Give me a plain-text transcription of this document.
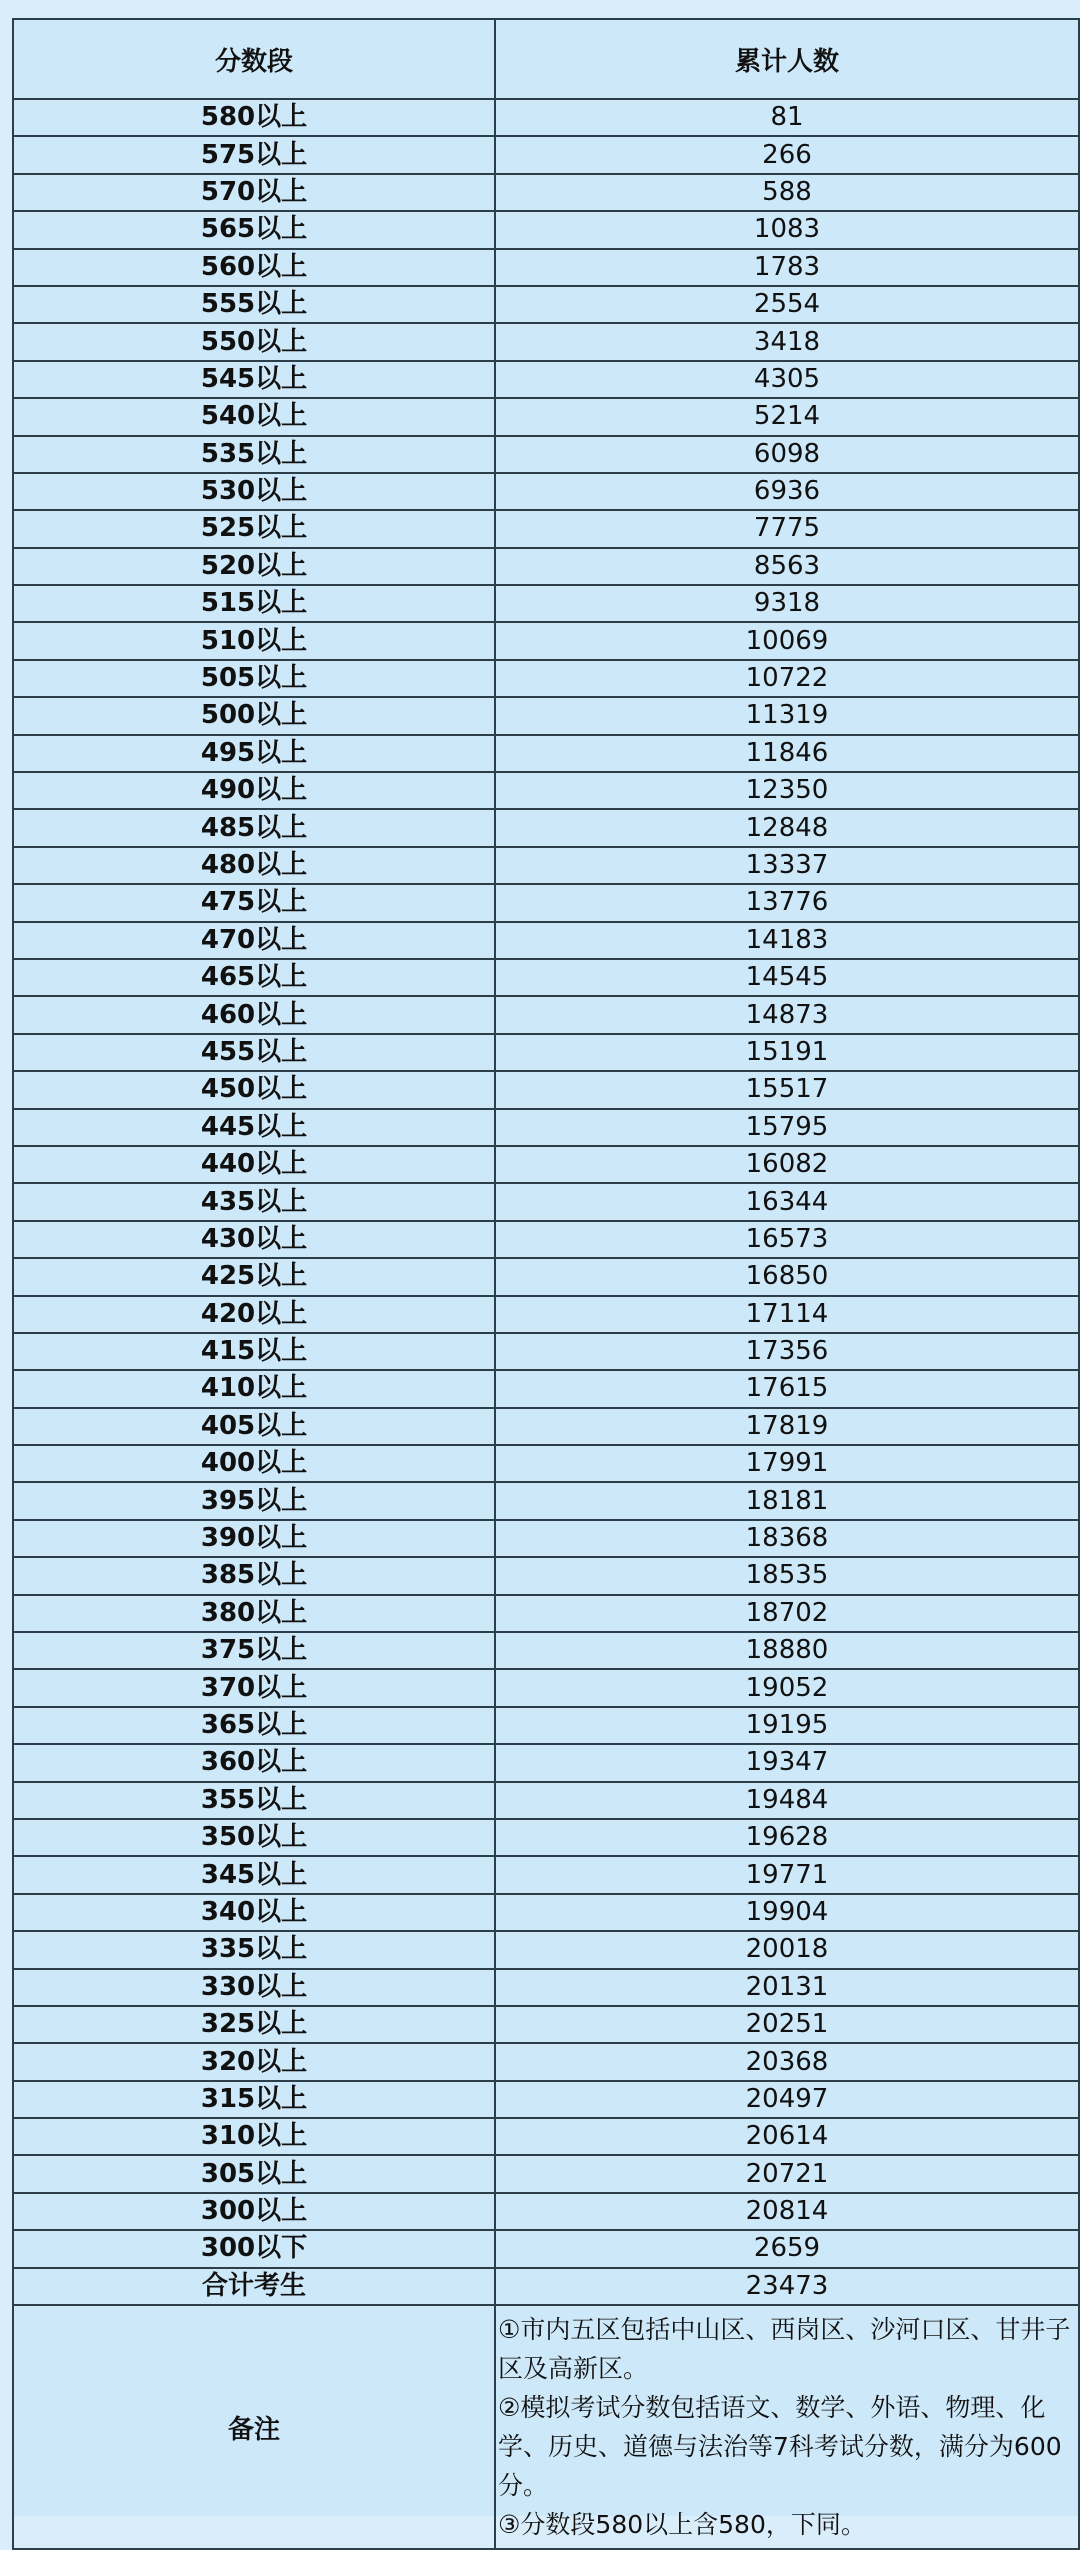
分数段	累计人数
580以上	81
575以上	266
570以上	588
565以上	1083
560以上	1783
555以上	2554
550以上	3418
545以上	4305
540以上	5214
535以上	6098
530以上	6936
525以上	7775
520以上	8563
515以上	9318
510以上	10069
505以上	10722
500以上	11319
495以上	11846
490以上	12350
485以上	12848
480以上	13337
475以上	13776
470以上	14183
465以上	14545
460以上	14873
455以上	15191
450以上	15517
445以上	15795
440以上	16082
435以上	16344
430以上	16573
425以上	16850
420以上	17114
415以上	17356
410以上	17615
405以上	17819
400以上	17991
395以上	18181
390以上	18368
385以上	18535
380以上	18702
375以上	18880
370以上	19052
365以上	19195
360以上	19347
355以上	19484
350以上	19628
345以上	19771
340以上	19904
335以上	20018
330以上	20131
325以上	20251
320以上	20368
315以上	20497
310以上	20614
305以上	20721
300以上	20814
300以下	2659
合计考生	23473
备注	①市内五区包括中山区、西岗区、沙河口区、甘井子区及高新区。
②模拟考试分数包括语文、数学、外语、物理、化学、历史、道德与法治等7科考试分数，满分为600分。
③分数段580以上含580，下同。
